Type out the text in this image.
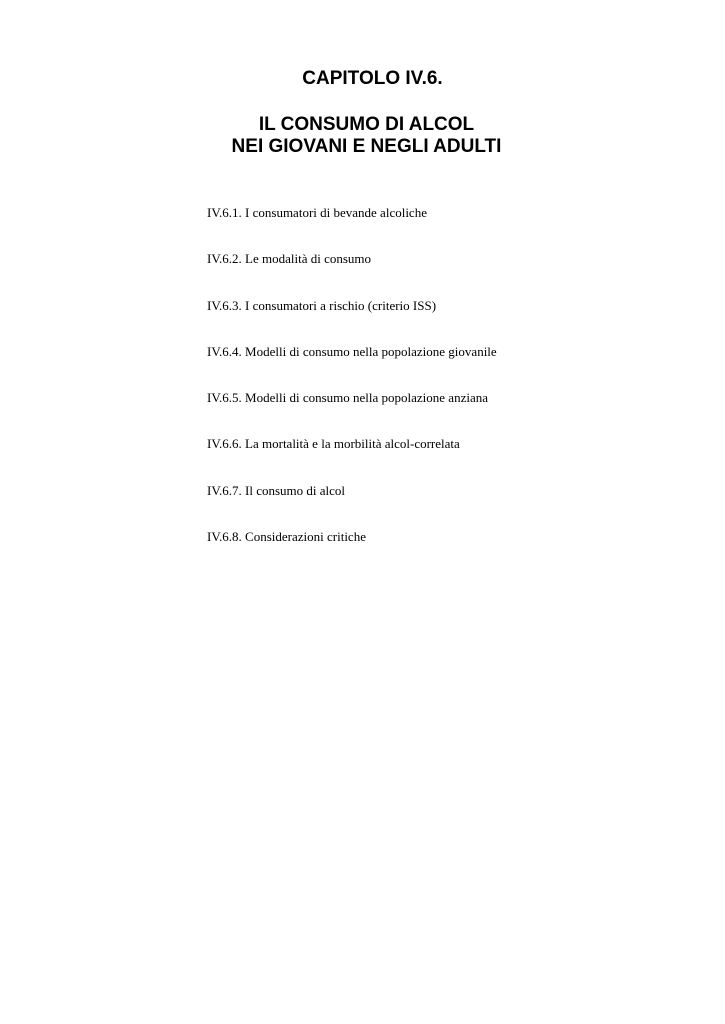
CAPITOLO IV.6.

IL CONSUMO DI ALCOL
NEI GIOVANI E NEGLI ADULTI

IV.6.1. I consumatori di bevande alcoliche
IV.6.2. Le modalità di consumo
IV.6.3. I consumatori a rischio (criterio ISS)
IV.6.4. Modelli di consumo nella popolazione giovanile
IV.6.5. Modelli di consumo nella popolazione anziana
IV.6.6. La mortalità e la morbilità alcol-correlata
IV.6.7. Il consumo di alcol
IV.6.8. Considerazioni critiche
